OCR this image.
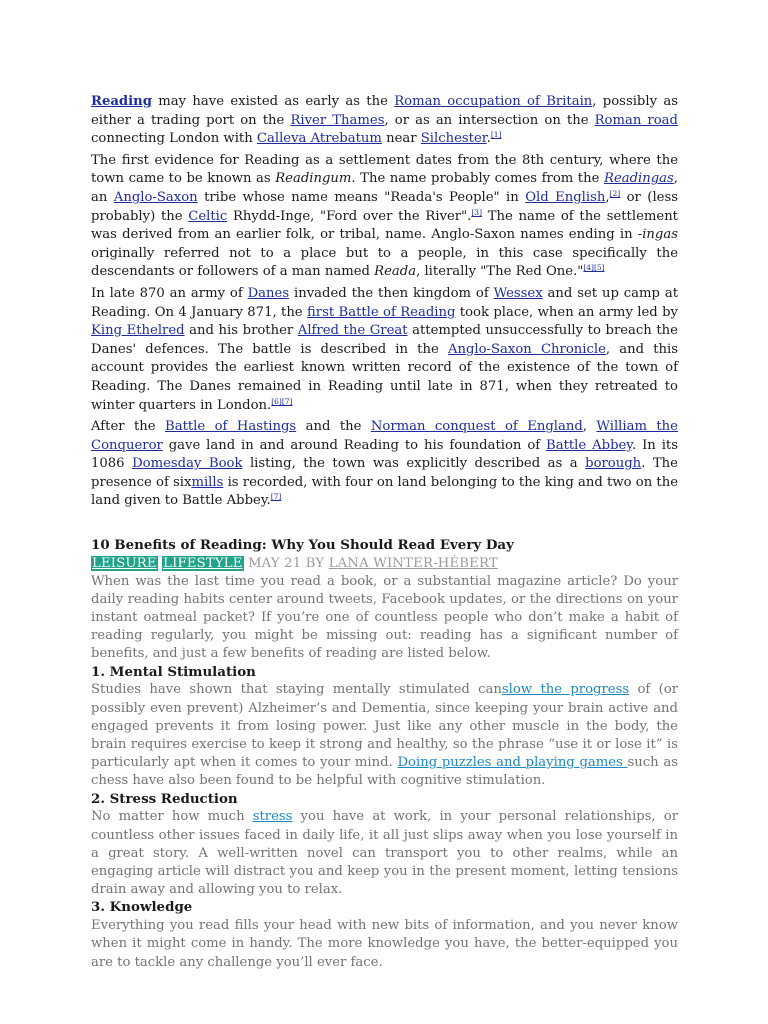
Reading may have existed as early as the Roman occupation of Britain, possibly as either a trading port on the River Thames, or as an intersection on the Roman road connecting London with Calleva Atrebatum near Silchester.[1]

The first evidence for Reading as a settlement dates from the 8th century, where the town came to be known as Readingum. The name probably comes from the Readingas, an Anglo-Saxon tribe whose name means "Reada's People" in Old English,[2] or (less probably) the Celtic Rhydd-Inge, "Ford over the River".[3] The name of the settlement was derived from an earlier folk, or tribal, name. Anglo-Saxon names ending in -ingas originally referred not to a place but to a people, in this case specifically the descendants or followers of a man named Reada, literally "The Red One."[4][5]

In late 870 an army of Danes invaded the then kingdom of Wessex and set up camp at Reading. On 4 January 871, the first Battle of Reading took place, when an army led by King Ethelred and his brother Alfred the Great attempted unsuccessfully to breach the Danes' defences. The battle is described in the Anglo-Saxon Chronicle, and this account provides the earliest known written record of the existence of the town of Reading. The Danes remained in Reading until late in 871, when they retreated to winter quarters in London.[6][7]

After the Battle of Hastings and the Norman conquest of England, William the Conqueror gave land in and around Reading to his foundation of Battle Abbey. In its 1086 Domesday Book listing, the town was explicitly described as a borough. The presence of sixmills is recorded, with four on land belonging to the king and two on the land given to Battle Abbey.[7]

10 Benefits of Reading: Why You Should Read Every Day
LEISURE LIFESTYLE MAY 21 BY LANA WINTER-HÉBERT

When was the last time you read a book, or a substantial magazine article? Do your daily reading habits center around tweets, Facebook updates, or the directions on your instant oatmeal packet? If you’re one of countless people who don’t make a habit of reading regularly, you might be missing out: reading has a significant number of benefits, and just a few benefits of reading are listed below.

1. Mental Stimulation

Studies have shown that staying mentally stimulated canslow the progress of (or possibly even prevent) Alzheimer’s and Dementia, since keeping your brain active and engaged prevents it from losing power. Just like any other muscle in the body, the brain requires exercise to keep it strong and healthy, so the phrase “use it or lose it” is particularly apt when it comes to your mind. Doing puzzles and playing games such as chess have also been found to be helpful with cognitive stimulation.

2. Stress Reduction

No matter how much stress you have at work, in your personal relationships, or countless other issues faced in daily life, it all just slips away when you lose yourself in a great story. A well-written novel can transport you to other realms, while an engaging article will distract you and keep you in the present moment, letting tensions drain away and allowing you to relax.

3. Knowledge

Everything you read fills your head with new bits of information, and you never know when it might come in handy. The more knowledge you have, the better-equipped you are to tackle any challenge you’ll ever face.
